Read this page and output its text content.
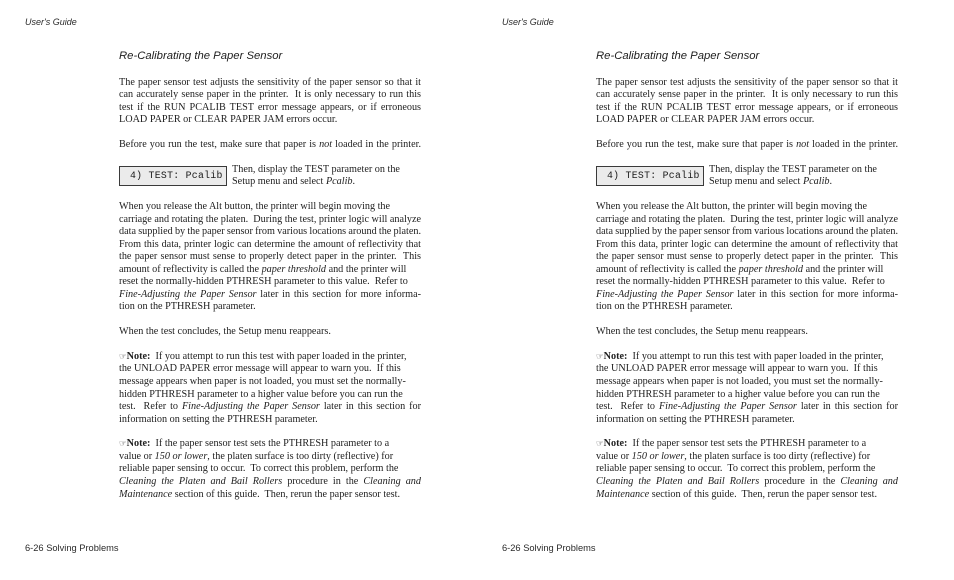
User's Guide
Re-Calibrating the Paper Sensor
The paper sensor test adjusts the sensitivity of the paper sensor so that it
can accurately sense paper in the printer.  It is only necessary to run this
test if the RUN PCALIB TEST error message appears, or if erroneous
LOAD PAPER or CLEAR PAPER JAM errors occur.
Before you run the test, make sure that paper is not loaded in the printer.
4) TEST: Pcalib
Then, display the TEST parameter on the
Setup menu and select Pcalib.
When you release the Alt button, the printer will begin moving the
carriage and rotating the platen.  During the test, printer logic will analyze
data supplied by the paper sensor from various locations around the platen.
From this data, printer logic can determine the amount of reflectivity that
the paper sensor must sense to properly detect paper in the printer.  This
amount of reflectivity is called the paper threshold and the printer will
reset the normally-hidden PTHRESH parameter to this value.  Refer to
Fine-Adjusting the Paper Sensor later in this section for more informa-
tion on the PTHRESH parameter.
When the test concludes, the Setup menu reappears.
☞ Note:  If you attempt to run this test with paper loaded in the printer,
the UNLOAD PAPER error message will appear to warn you.  If this
message appears when paper is not loaded, you must set the normally-
hidden PTHRESH parameter to a higher value before you can run the
test.  Refer to Fine-Adjusting the Paper Sensor later in this section for
information on setting the PTHRESH parameter.
☞ Note:  If the paper sensor test sets the PTHRESH parameter to a
value or 150 or lower, the platen surface is too dirty (reflective) for
reliable paper sensing to occur.  To correct this problem, perform the
Cleaning the Platen and Bail Rollers procedure in the Cleaning and
Maintenance section of this guide.  Then, rerun the paper sensor test.
6-26 Solving Problems
User's Guide
Re-Calibrating the Paper Sensor
The paper sensor test adjusts the sensitivity of the paper sensor so that it
can accurately sense paper in the printer.  It is only necessary to run this
test if the RUN PCALIB TEST error message appears, or if erroneous
LOAD PAPER or CLEAR PAPER JAM errors occur.
Before you run the test, make sure that paper is not loaded in the printer.
4) TEST: Pcalib
Then, display the TEST parameter on the
Setup menu and select Pcalib.
When you release the Alt button, the printer will begin moving the
carriage and rotating the platen.  During the test, printer logic will analyze
data supplied by the paper sensor from various locations around the platen.
From this data, printer logic can determine the amount of reflectivity that
the paper sensor must sense to properly detect paper in the printer.  This
amount of reflectivity is called the paper threshold and the printer will
reset the normally-hidden PTHRESH parameter to this value.  Refer to
Fine-Adjusting the Paper Sensor later in this section for more informa-
tion on the PTHRESH parameter.
When the test concludes, the Setup menu reappears.
☞ Note:  If you attempt to run this test with paper loaded in the printer,
the UNLOAD PAPER error message will appear to warn you.  If this
message appears when paper is not loaded, you must set the normally-
hidden PTHRESH parameter to a higher value before you can run the
test.  Refer to Fine-Adjusting the Paper Sensor later in this section for
information on setting the PTHRESH parameter.
☞ Note:  If the paper sensor test sets the PTHRESH parameter to a
value or 150 or lower, the platen surface is too dirty (reflective) for
reliable paper sensing to occur.  To correct this problem, perform the
Cleaning the Platen and Bail Rollers procedure in the Cleaning and
Maintenance section of this guide.  Then, rerun the paper sensor test.
6-26 Solving Problems
